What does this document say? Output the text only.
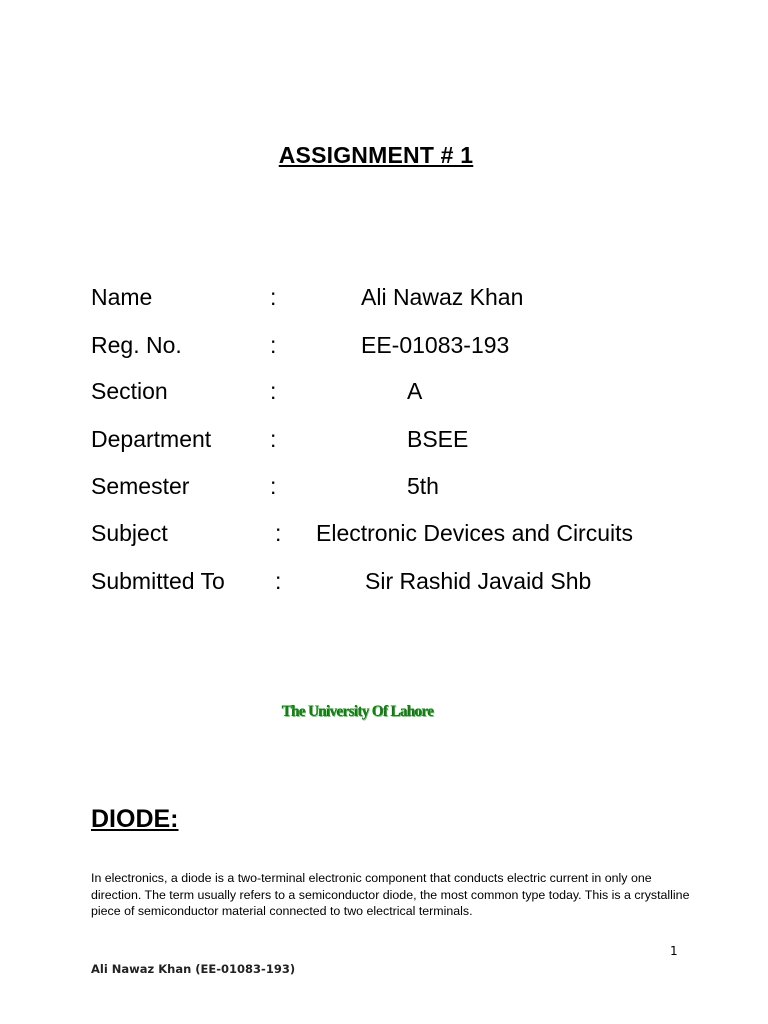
ASSIGNMENT # 1
Name	:	Ali Nawaz Khan
Reg. No.	:	EE-01083-193
Section	:	A
Department	:	BSEE
Semester	:	5th
Subject	: Electronic Devices and Circuits
Submitted To :	Sir Rashid Javaid Shb
The University Of Lahore
DIODE:
In electronics, a diode is a two-terminal electronic component that conducts electric current in only one direction. The term usually refers to a semiconductor diode, the most common type today. This is a crystalline piece of semiconductor material connected to two electrical terminals.
1
Ali Nawaz Khan (EE-01083-193)
